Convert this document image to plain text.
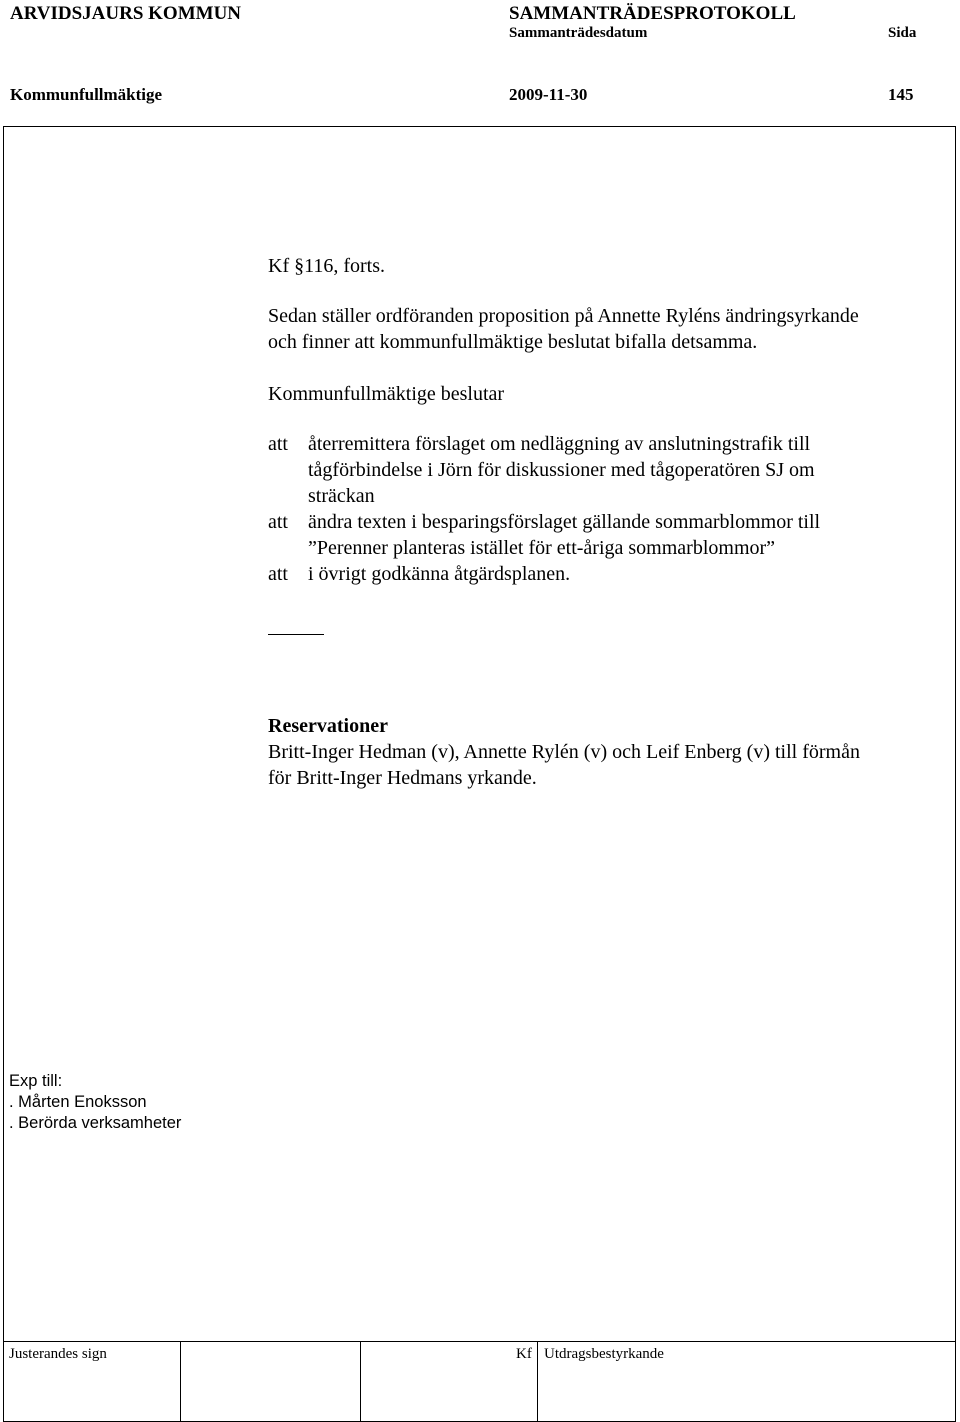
ARVIDSJAURS KOMMUN	SAMMANTRÄDESPROTOKOLL
Sammanträdesdatum	Sida
Kommunfullmäktige	2009-11-30	145
Kf §116, forts.
Sedan ställer ordföranden proposition på Annette Ryléns ändringsyrkande
och finner att kommunfullmäktige beslutat bifalla detsamma.
Kommunfullmäktige beslutar
att återremittera förslaget om nedläggning av anslutningstrafik till
tågförbindelse i Jörn för diskussioner med tågoperatören SJ om
sträckan
att ändra texten i besparingsförslaget gällande sommarblommor till
”Perenner planteras istället för ett-åriga sommarblommor”
att i övrigt godkänna åtgärdsplanen.
Reservationer
Britt-Inger Hedman (v), Annette Rylén (v) och Leif Enberg (v) till förmån
för Britt-Inger Hedmans yrkande.
Exp till:
. Mårten Enoksson
. Berörda verksamheter
Justerandes sign	Kf Utdragsbestyrkande
